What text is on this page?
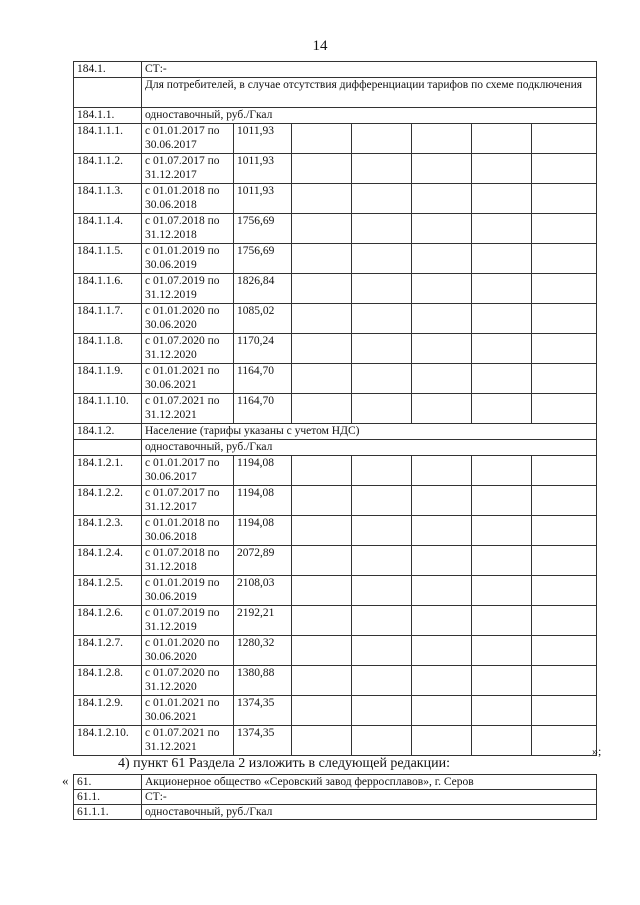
14
184.1.	СТ:-						
	Для потребителей, в случае отсутствия дифференциации тарифов по схеме подключения						
184.1.1.	одноставочный, руб./Гкал						
184.1.1.1.	с 01.01.2017 по 30.06.2017	1011,93					
184.1.1.2.	с 01.07.2017 по 31.12.2017	1011,93					
184.1.1.3.	с 01.01.2018 по 30.06.2018	1011,93					
184.1.1.4.	с 01.07.2018 по 31.12.2018	1756,69					
184.1.1.5.	с 01.01.2019 по 30.06.2019	1756,69					
184.1.1.6.	с 01.07.2019 по 31.12.2019	1826,84					
184.1.1.7.	с 01.01.2020 по 30.06.2020	1085,02					
184.1.1.8.	с 01.07.2020 по 31.12.2020	1170,24					
184.1.1.9.	с 01.01.2021 по 30.06.2021	1164,70					
184.1.1.10.	с 01.07.2021 по 31.12.2021	1164,70					
184.1.2.	Население (тарифы указаны с учетом НДС)						
	одноставочный, руб./Гкал						
184.1.2.1.	с 01.01.2017 по 30.06.2017	1194,08					
184.1.2.2.	с 01.07.2017 по 31.12.2017	1194,08					
184.1.2.3.	с 01.01.2018 по 30.06.2018	1194,08					
184.1.2.4.	с 01.07.2018 по 31.12.2018	2072,89					
184.1.2.5.	с 01.01.2019 по 30.06.2019	2108,03					
184.1.2.6.	с 01.07.2019 по 31.12.2019	2192,21					
184.1.2.7.	с 01.01.2020 по 30.06.2020	1280,32					
184.1.2.8.	с 01.07.2020 по 31.12.2020	1380,88					
184.1.2.9.	с 01.01.2021 по 30.06.2021	1374,35					
184.1.2.10.	с 01.07.2021 по 31.12.2021	1374,35					
»;
4) пункт 61 Раздела 2 изложить в следующей редакции:
« 61.	Акционерное общество «Серовский завод ферросплавов», г. Серов
61.1.	СТ:-
61.1.1.	одноставочный, руб./Гкал
